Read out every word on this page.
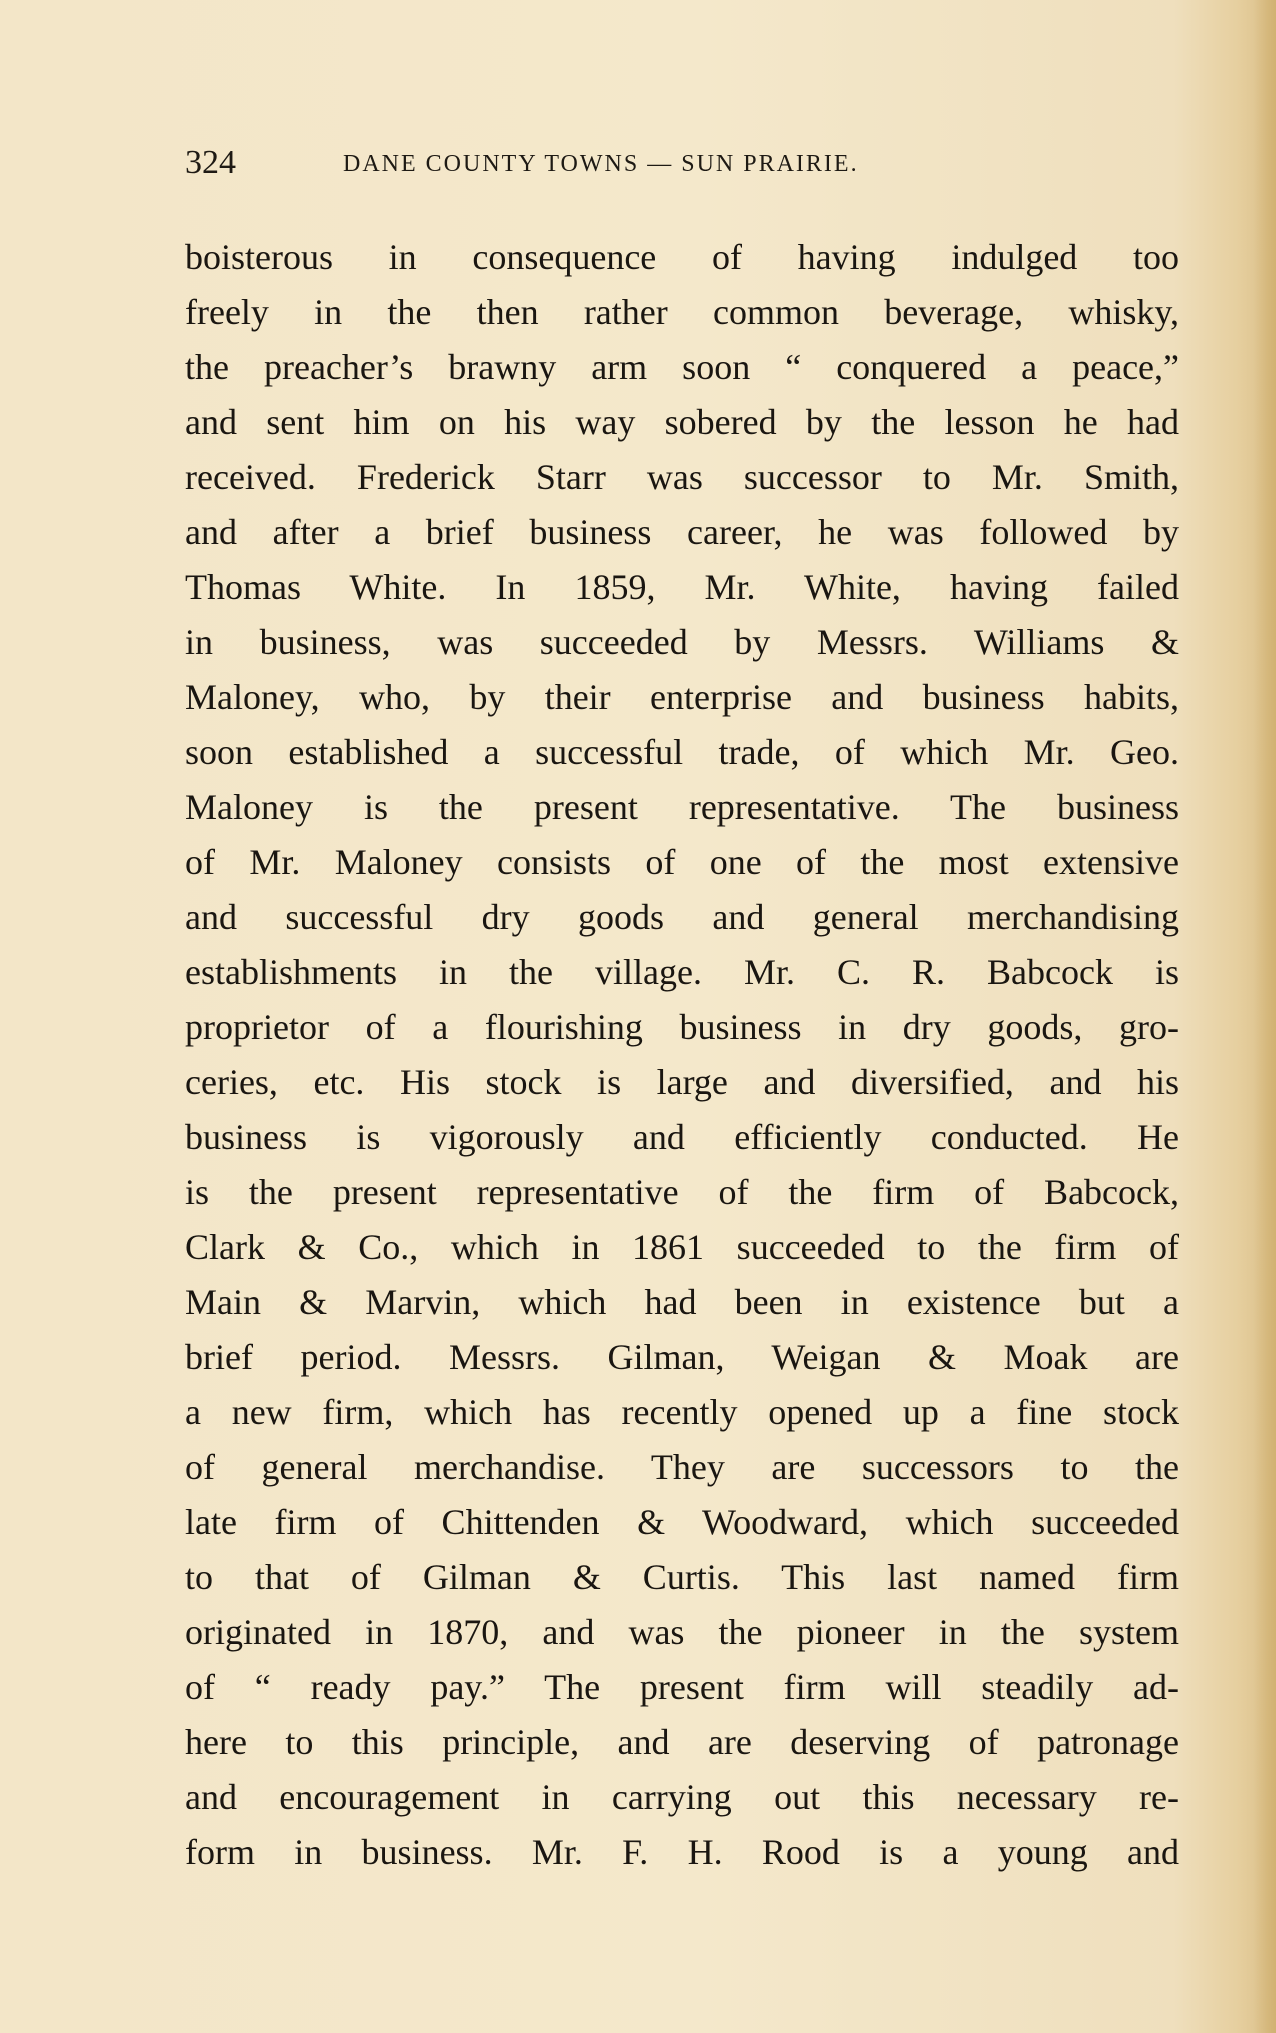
324	DANE COUNTY TOWNS — SUN PRAIRIE.
boisterous in consequence of having indulged too
freely in the then rather common beverage, whisky,
the preacher’s brawny arm soon “ conquered a peace,”
and sent him on his way sobered by the lesson he had
received. Frederick Starr was successor to Mr. Smith,
and after a brief business career, he was followed by
Thomas White. In 1859, Mr. White, having failed
in business, was succeeded by Messrs. Williams &
Maloney, who, by their enterprise and business habits,
soon established a successful trade, of which Mr. Geo.
Maloney is the present representative. The business
of Mr. Maloney consists of one of the most extensive
and successful dry goods and general merchandising
establishments in the village. Mr. C. R. Babcock is
proprietor of a flourishing business in dry goods, gro-
ceries, etc. His stock is large and diversified, and his
business is vigorously and efficiently conducted. He
is the present representative of the firm of Babcock,
Clark & Co., which in 1861 succeeded to the firm of
Main & Marvin, which had been in existence but a
brief period. Messrs. Gilman, Weigan & Moak are
a new firm, which has recently opened up a fine stock
of general merchandise. They are successors to the
late firm of Chittenden & Woodward, which succeeded
to that of Gilman & Curtis. This last named firm
originated in 1870, and was the pioneer in the system
of “ ready pay.” The present firm will steadily ad-
here to this principle, and are deserving of patronage
and encouragement in carrying out this necessary re-
form in business. Mr. F. H. Rood is a young and
